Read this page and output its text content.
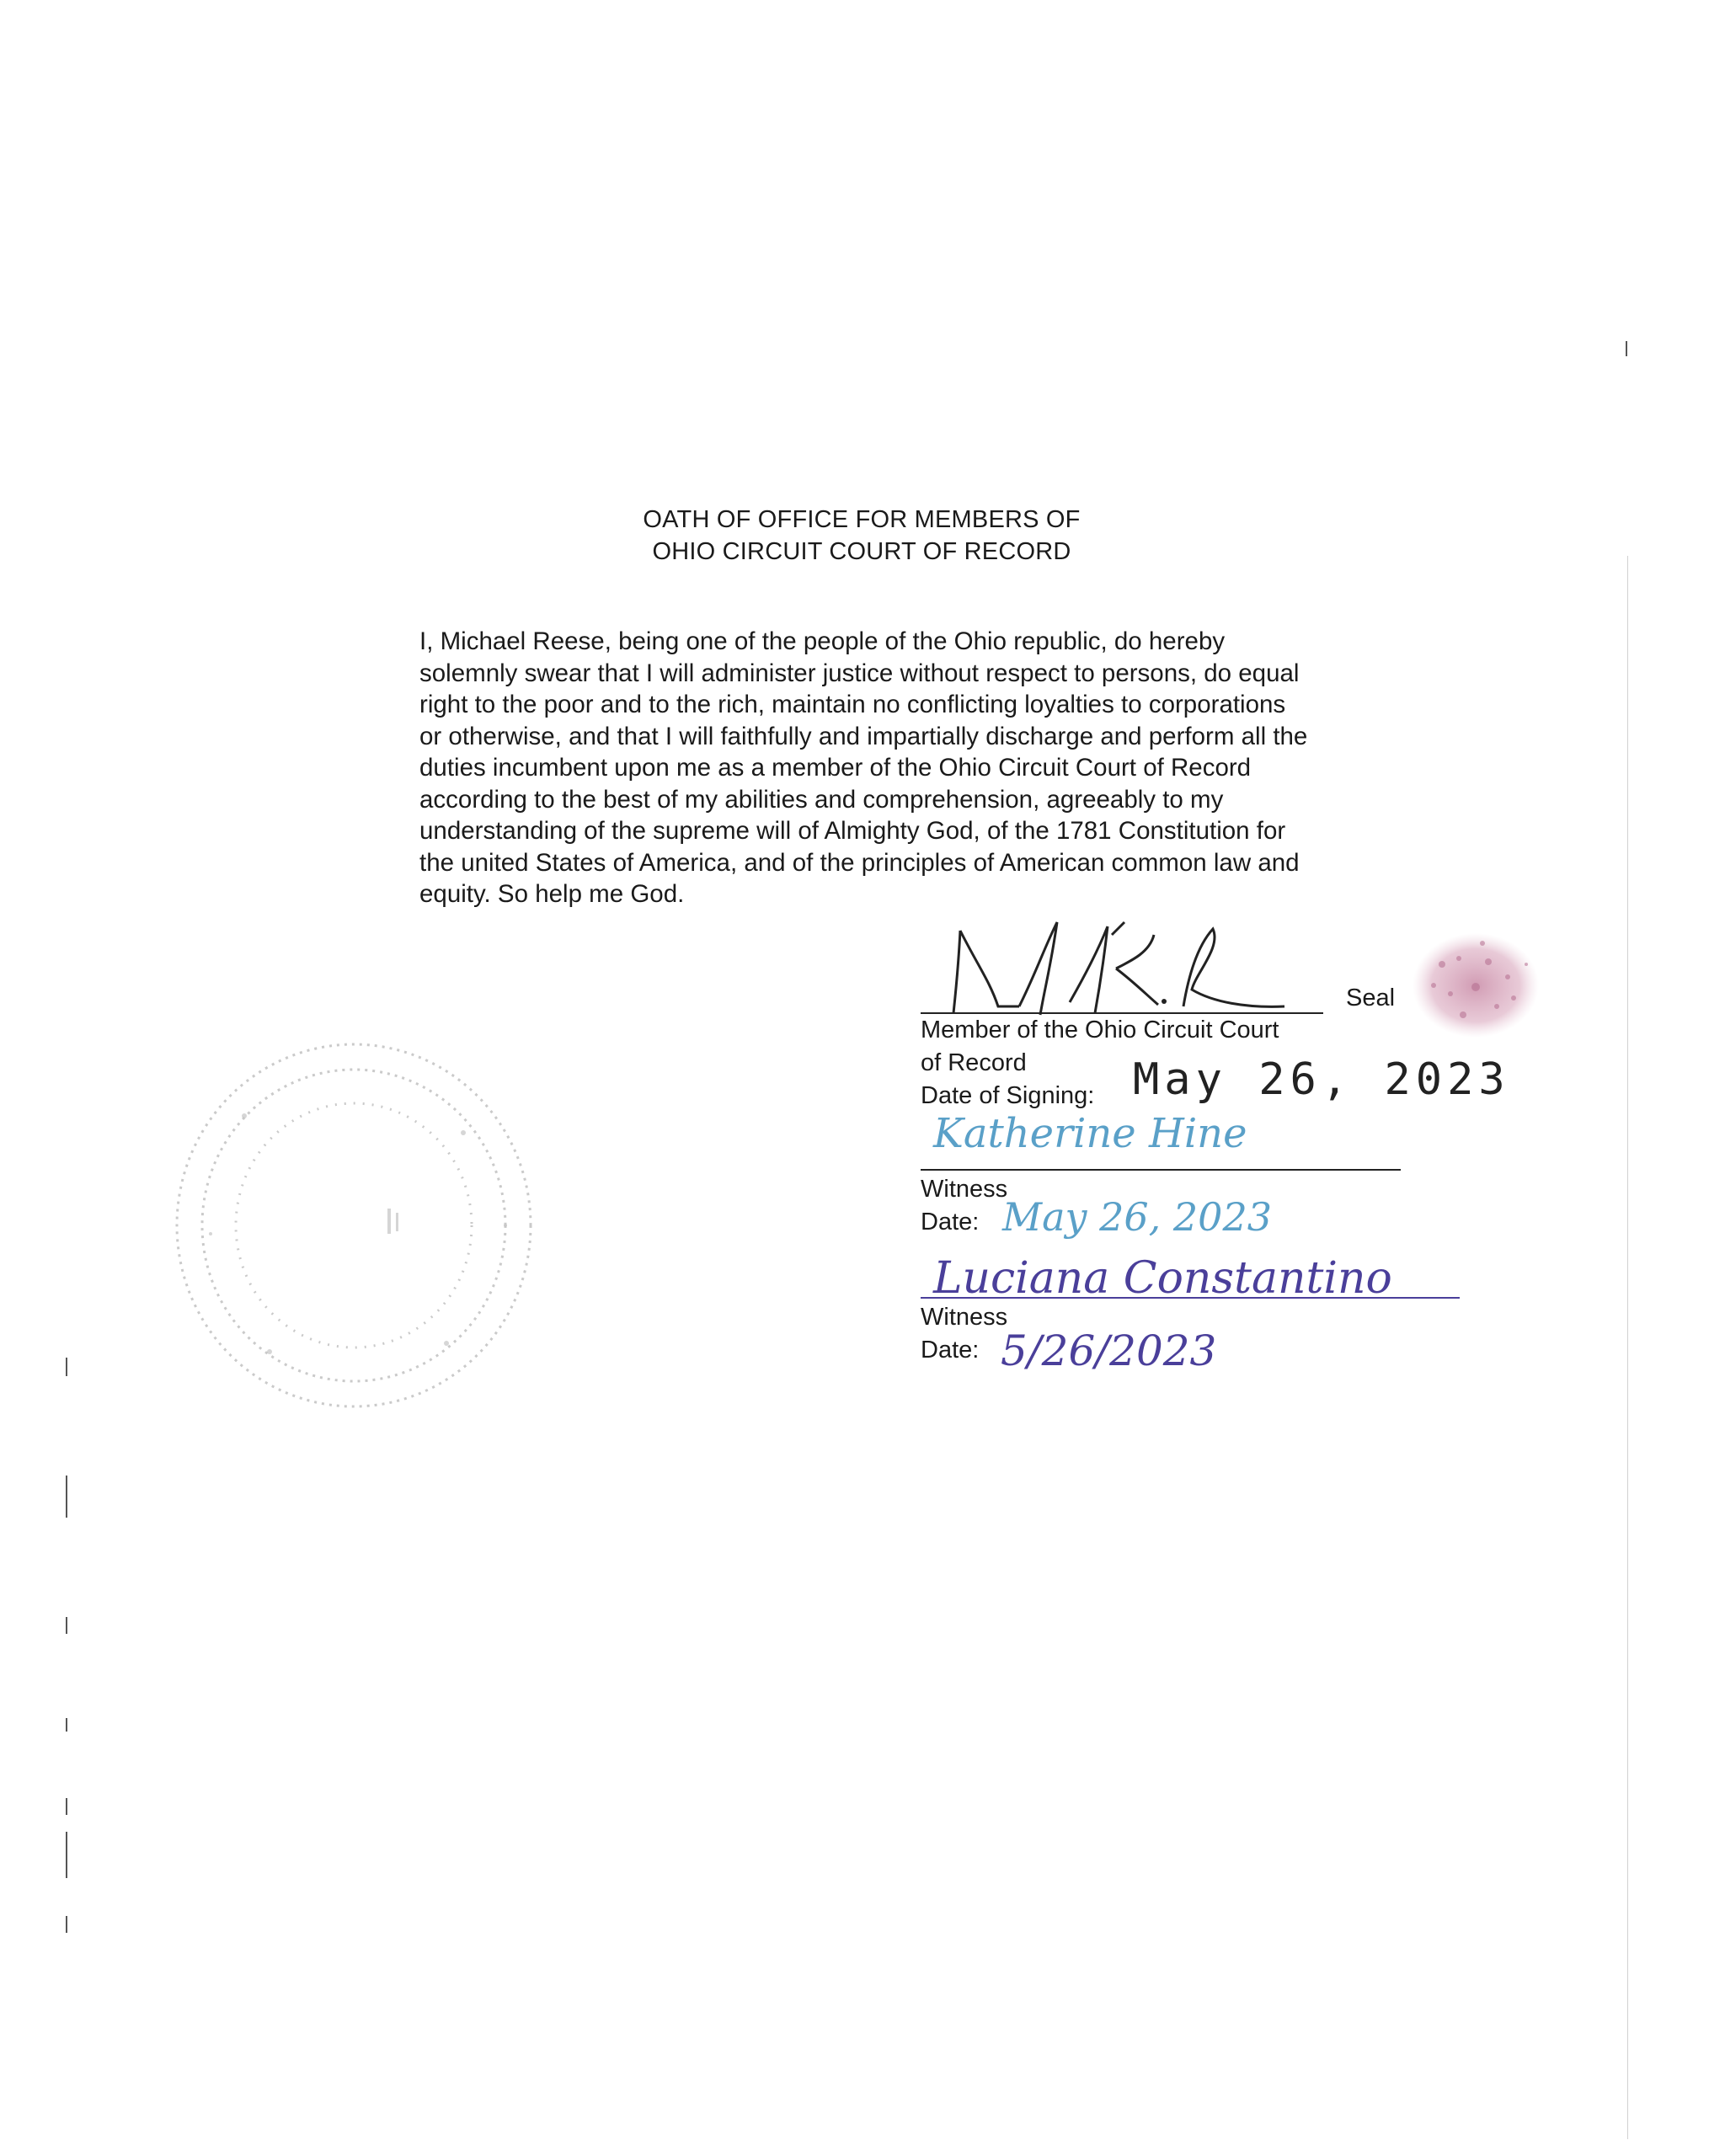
OATH OF OFFICE FOR MEMBERS OF
OHIO CIRCUIT COURT OF RECORD
I, Michael Reese, being one of the people of the Ohio republic, do hereby
solemnly swear that I will administer justice without respect to persons, do equal
right to the poor and to the rich, maintain no conflicting loyalties to corporations
or otherwise, and that I will faithfully and impartially discharge and perform all the
duties incumbent upon me as a member of the Ohio Circuit Court of Record
according to the best of my abilities and comprehension, agreeably to my
understanding of the supreme will of Almighty God, of the 1781 Constitution for
the united States of America, and of the principles of American common law and
equity. So help me God.
Seal
Member of the Ohio Circuit Court
of Record
Date of Signing: May 26, 2023
Katherine Hine
Witness
Date: May 26, 2023
Luciana Constantino
Witness
Date: 5/26/2023
